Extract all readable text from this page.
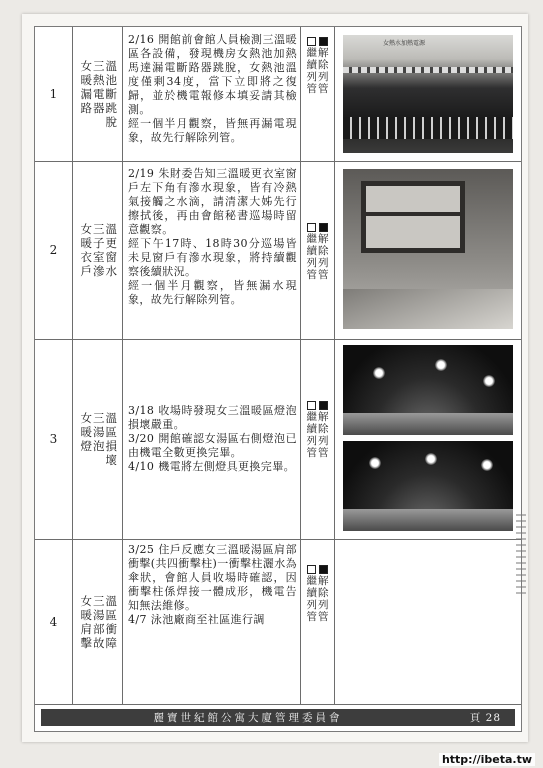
1
女三溫
暖熱池
漏電斷
路器跳
脫

2/16 開館前會館人員檢測三溫暖區各設備，發現機房女熱池加熱馬達漏電斷路器跳脫，女熱池溫度僅剩34度，當下立即將之復歸，並於機電報修本填妥請其檢測。

經一個半月觀察，皆無再漏電現象，故先行解除列管。

繼
續
列
管
解
除
列
管
女熱水加熱電源
2
女三溫
暖子更
衣室窗
戶滲水

2/19 朱財委告知三溫暖更衣室窗戶左下角有滲水現象，皆有冷熱氣接觸之水滴，請清潔大姊先行擦拭後，再由會館秘書巡場時留意觀察。

經下午17時、18時30分巡場皆未見窗戶有滲水現象，將持續觀察後續狀況。

經一個半月觀察，皆無漏水現象，故先行解除列管。

繼
續
列
管
解
除
列
管
3
女三溫
暖湯區
燈泡損
壞

3/18 收場時發現女三溫暖區燈泡損壞嚴重。

3/20 開館確認女湯區右側燈泡已由機電全數更換完畢。

4/10 機電將左側燈具更換完畢。

繼
續
列
管
解
除
列
管
4
女三溫
暖湯區
肩部衝
擊故障

3/25 住戶反應女三溫暖湯區肩部衝擊(共四衝擊柱)一衝擊柱灑水為傘狀，會館人員收場時確認，因衝擊柱係焊接一體成形，機電告知無法維修。

4/7 泳池廠商至社區進行調

繼
續
列
管
解
除
列
管
麗寶世紀館公寓大廈管理委員會	頁 28
http://ibeta.tw
